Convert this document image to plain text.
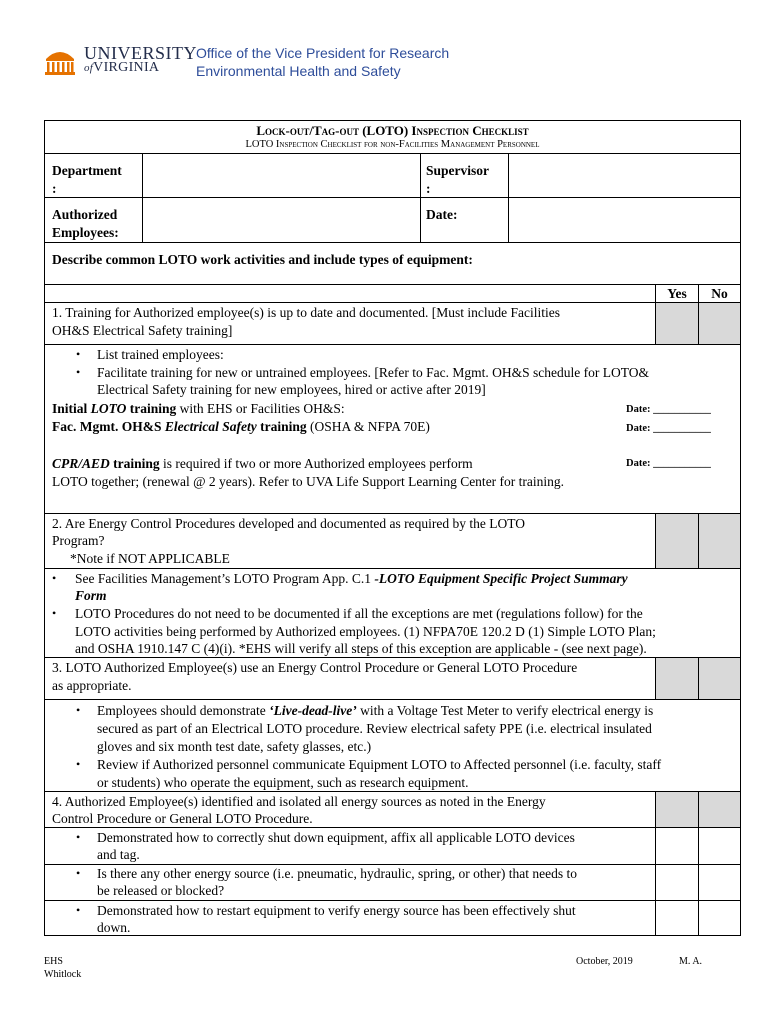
UNIVERSITY
ofVIRGINIA
Office of the Vice President for Research
Environmental Health and Safety
Lock-out/Tag-out (LOTO) Inspection Checklist
LOTO Inspection Checklist for non-Facilities Management Personnel
Department
:
Supervisor
:
Authorized
Employees:
Date:
Describe common LOTO work activities and include types of equipment:
Yes	No
1. Training for Authorized employee(s) is up to date and documented. [Must include Facilities
OH&S Electrical Safety training]
• List trained employees:
• Facilitate training for new or untrained employees. [Refer to Fac. Mgmt. OH&S schedule for LOTO&
Electrical Safety training for new employees, hired or active after 2019]
Initial LOTO training with EHS or Facilities OH&S:
Fac. Mgmt. OH&S Electrical Safety training (OSHA & NFPA 70E)
CPR/AED training is required if two or more Authorized employees perform
LOTO together; (renewal @ 2 years). Refer to UVA Life Support Learning Center for training.
Date: ___________
Date: ___________
Date: ___________
2. Are Energy Control Procedures developed and documented as required by the LOTO
Program?
*Note if NOT APPLICABLE
• See Facilities Management’s LOTO Program App. C.1 -LOTO Equipment Specific Project Summary
Form
• LOTO Procedures do not need to be documented if all the exceptions are met (regulations follow) for the
LOTO activities being performed by Authorized employees. (1) NFPA70E 120.2 D (1) Simple LOTO Plan;
and OSHA 1910.147 C (4)(i). *EHS will verify all steps of this exception are applicable - (see next page).
3. LOTO Authorized Employee(s) use an Energy Control Procedure or General LOTO Procedure
as appropriate.
• Employees should demonstrate ‘Live-dead-live’ with a Voltage Test Meter to verify electrical energy is
secured as part of an Electrical LOTO procedure. Review electrical safety PPE (i.e. electrical insulated
gloves and six month test date, safety glasses, etc.)
• Review if Authorized personnel communicate Equipment LOTO to Affected personnel (i.e. faculty, staff
or students) who operate the equipment, such as research equipment.
4. Authorized Employee(s) identified and isolated all energy sources as noted in the Energy
Control Procedure or General LOTO Procedure.
• Demonstrated how to correctly shut down equipment, affix all applicable LOTO devices
and tag.
• Is there any other energy source (i.e. pneumatic, hydraulic, spring, or other) that needs to
be released or blocked?
• Demonstrated how to restart equipment to verify energy source has been effectively shut
down.
EHS
Whitlock
October, 2019	M. A.
